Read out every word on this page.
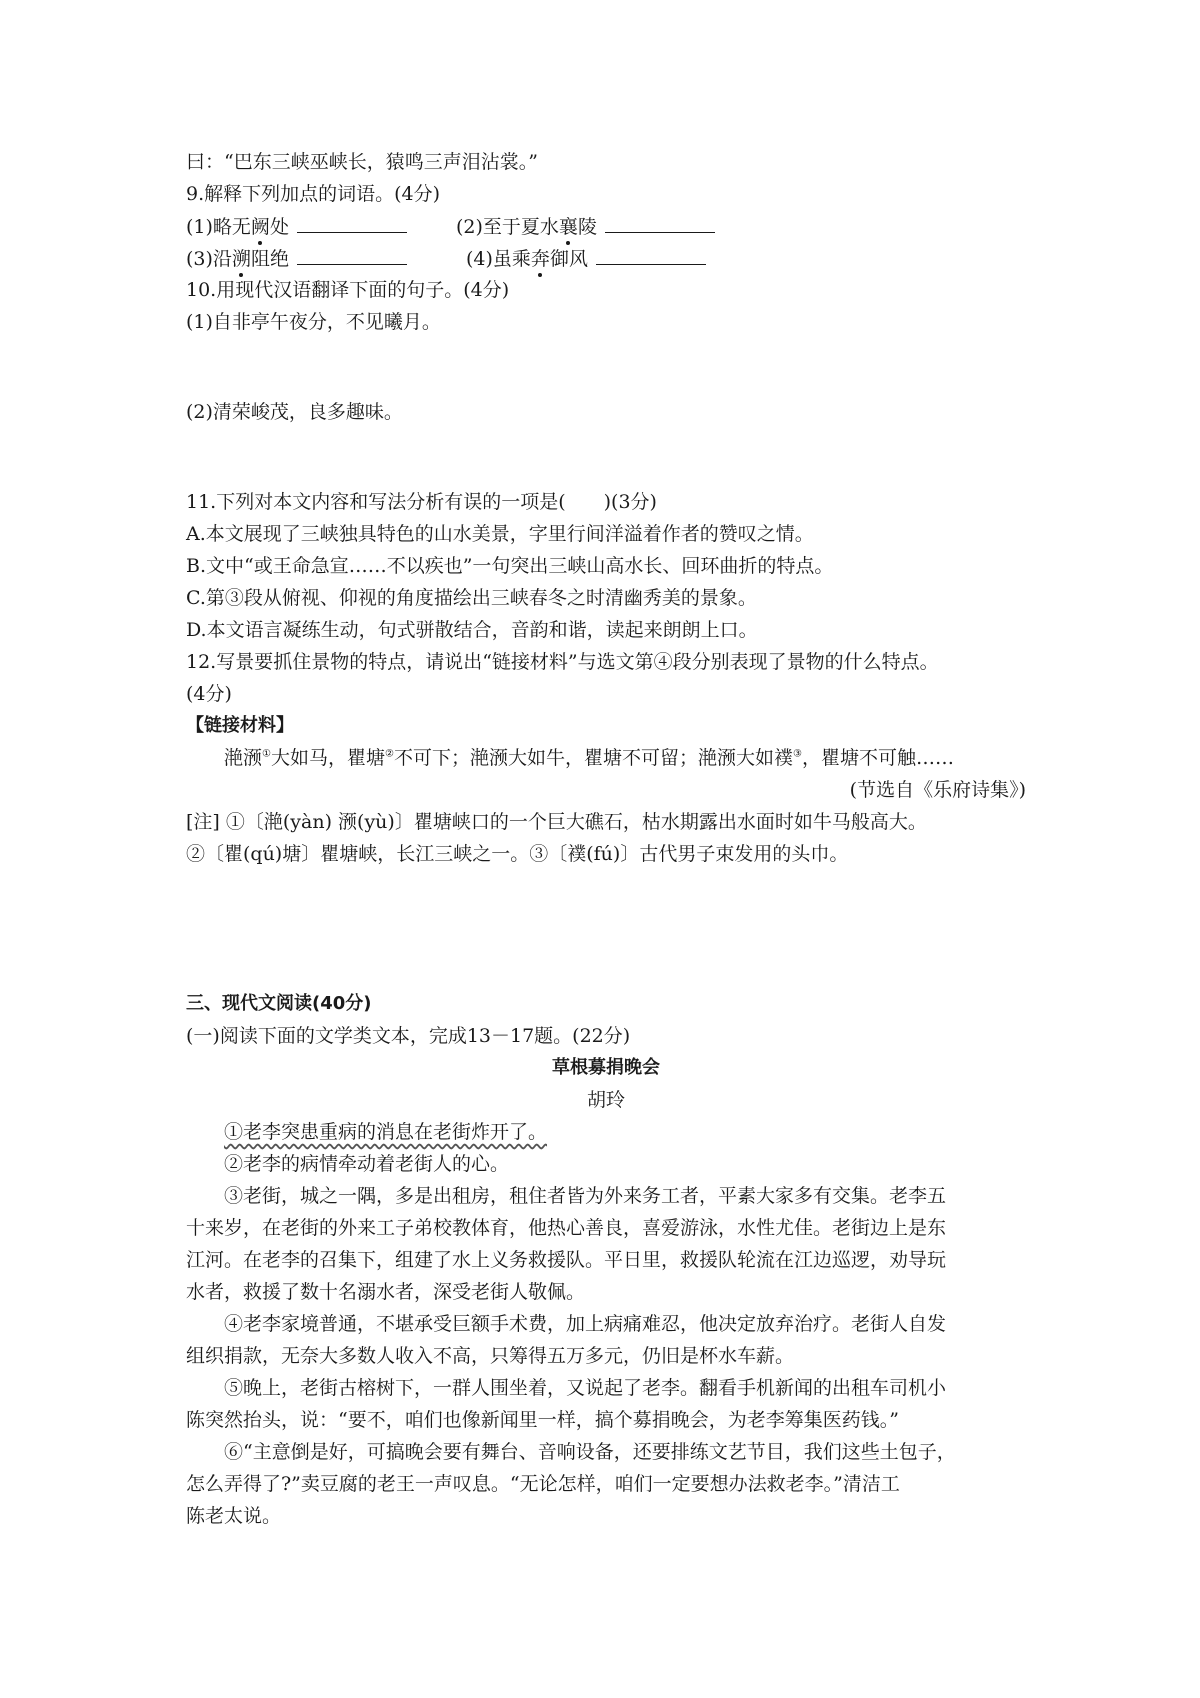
曰：“巴东三峡巫峡长，猿鸣三声泪沾裳。”
9.解释下列加点的词语。(4分)
(1)略无阙处	(2)至于夏水襄陵
(3)沿溯阻绝	(4)虽乘奔御风
10.用现代汉语翻译下面的句子。(4分)
(1)自非亭午夜分，不见曦月。
(2)清荣峻茂，良多趣味。
11.下列对本文内容和写法分析有误的一项是(　　)(3分)
A.本文展现了三峡独具特色的山水美景，字里行间洋溢着作者的赞叹之情。
B.文中“或王命急宣……不以疾也”一句突出三峡山高水长、回环曲折的特点。
C.第③段从俯视、仰视的角度描绘出三峡春冬之时清幽秀美的景象。
D.本文语言凝练生动，句式骈散结合，音韵和谐，读起来朗朗上口。
12.写景要抓住景物的特点，请说出“链接材料”与选文第④段分别表现了景物的什么特点。
(4分)
【链接材料】
滟滪①大如马，瞿塘②不可下；滟滪大如牛，瞿塘不可留；滟滪大如襆③，瞿塘不可触……
(节选自《乐府诗集》)
[注] ①〔滟(yàn) 滪(yù)〕瞿塘峡口的一个巨大礁石，枯水期露出水面时如牛马般高大。
②〔瞿(qú)塘〕瞿塘峡，长江三峡之一。③〔襆(fú)〕古代男子束发用的头巾。
三、现代文阅读(40分)
(一)阅读下面的文学类文本，完成13－17题。(22分)
草根募捐晚会
胡玲
①老李突患重病的消息在老街炸开了。
②老李的病情牵动着老街人的心。
③老街，城之一隅，多是出租房，租住者皆为外来务工者，平素大家多有交集。老李五
十来岁，在老街的外来工子弟校教体育，他热心善良，喜爱游泳，水性尤佳。老街边上是东
江河。在老李的召集下，组建了水上义务救援队。平日里，救援队轮流在江边巡逻，劝导玩
水者，救援了数十名溺水者，深受老街人敬佩。
④老李家境普通，不堪承受巨额手术费，加上病痛难忍，他决定放弃治疗。老街人自发
组织捐款，无奈大多数人收入不高，只筹得五万多元，仍旧是杯水车薪。
⑤晚上，老街古榕树下，一群人围坐着，又说起了老李。翻看手机新闻的出租车司机小
陈突然抬头，说：“要不，咱们也像新闻里一样，搞个募捐晚会，为老李筹集医药钱。”
⑥“主意倒是好，可搞晚会要有舞台、音响设备，还要排练文艺节目，我们这些土包子，
怎么弄得了?”卖豆腐的老王一声叹息。“无论怎样，咱们一定要想办法救老李。”清洁工
陈老太说。
